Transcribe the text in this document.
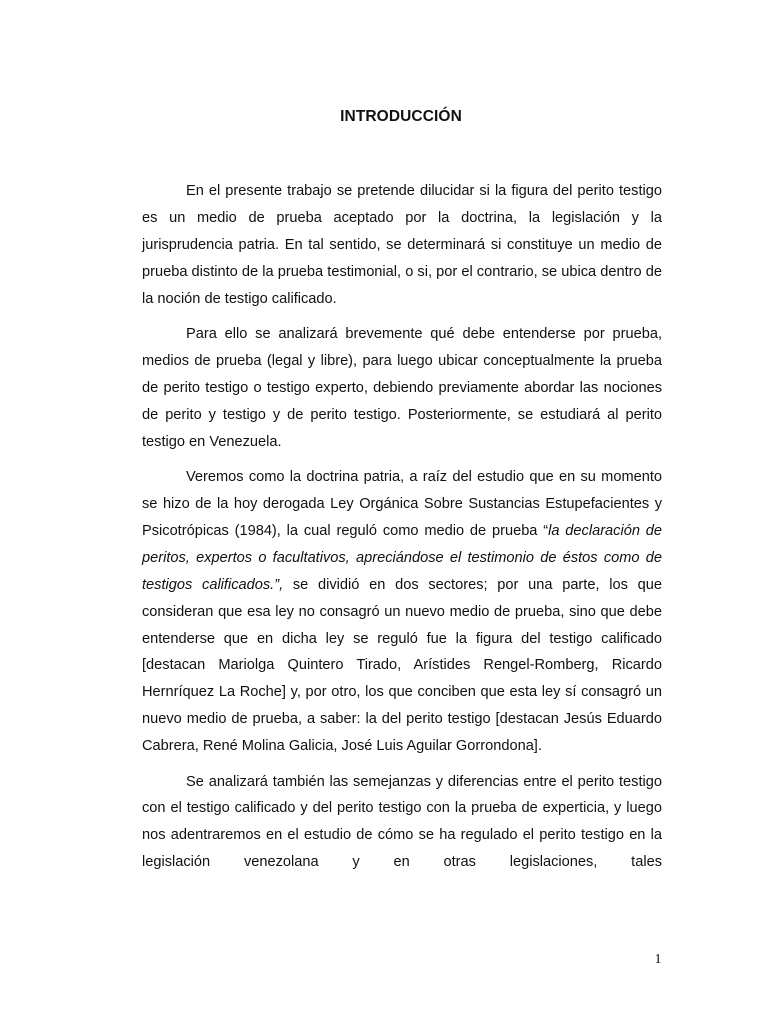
INTRODUCCIÓN

En el presente trabajo se pretende dilucidar si la figura del perito testigo es un medio de prueba aceptado por la doctrina, la legislación y la jurisprudencia patria. En tal sentido, se determinará si constituye un medio de prueba distinto de la prueba testimonial, o si, por el contrario, se ubica dentro de la noción de testigo calificado.

Para ello se analizará brevemente qué debe entenderse por prueba, medios de prueba (legal y libre), para luego ubicar conceptualmente la prueba de perito testigo o testigo experto, debiendo previamente abordar las nociones de perito y testigo y de perito testigo. Posteriormente, se estudiará al perito testigo en Venezuela.

Veremos como la doctrina patria, a raíz del estudio que en su momento se hizo de la hoy derogada Ley Orgánica Sobre Sustancias Estupefacientes y Psicotrópicas (1984), la cual reguló como medio de prueba “la declaración de peritos, expertos o facultativos, apreciándose el testimonio de éstos como de testigos calificados.”, se dividió en dos sectores; por una parte, los que consideran que esa ley no consagró un nuevo medio de prueba, sino que debe entenderse que en dicha ley se reguló fue la figura del testigo calificado [destacan Mariolga Quintero Tirado, Arístides Rengel-Romberg, Ricardo Hernríquez La Roche] y, por otro, los que conciben que esta ley sí consagró un nuevo medio de prueba, a saber: la del perito testigo [destacan Jesús Eduardo Cabrera, René Molina Galicia, José Luis Aguilar Gorrondona].

Se analizará también las semejanzas y diferencias entre el perito testigo con el testigo calificado y del perito testigo con la prueba de experticia, y luego nos adentraremos en el estudio de cómo se ha regulado el perito testigo en la legislación venezolana y en otras legislaciones, tales

1
